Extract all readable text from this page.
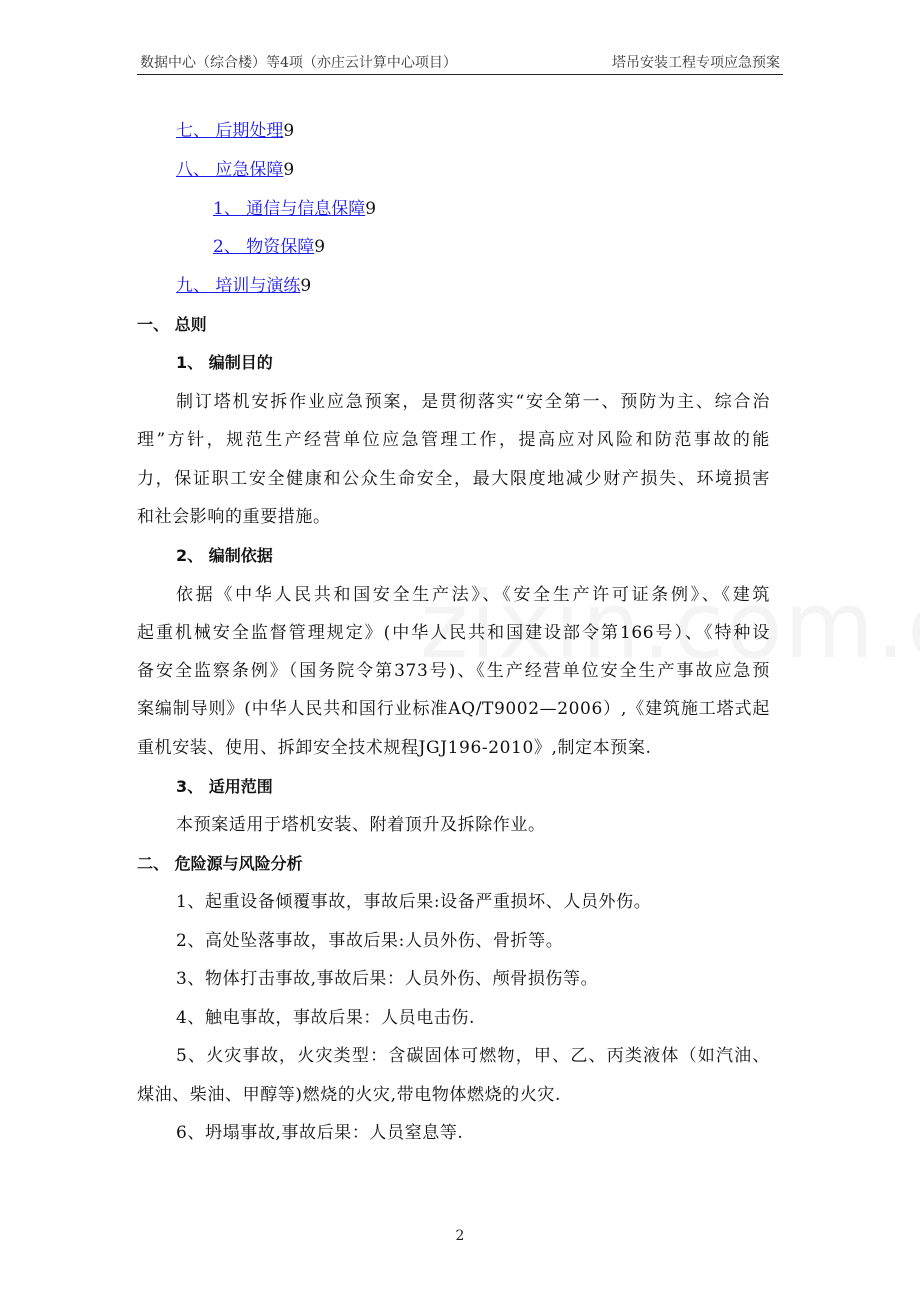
数据中心（综合楼）等4项（亦庄云计算中心项目）	塔吊安装工程专项应急预案
七、 后期处理9
八、 应急保障9
1、 通信与信息保障9
2、 物资保障9
九、 培训与演练9
一、 总则
1、 编制目的
制订塔机安拆作业应急预案，是贯彻落实“安全第一、预防为主、综合治
理”方针，规范生产经营单位应急管理工作，提高应对风险和防范事故的能
力，保证职工安全健康和公众生命安全，最大限度地减少财产损失、环境损害
和社会影响的重要措施。
2、 编制依据
依据《中华人民共和国安全生产法》、《安全生产许可证条例》、《建筑
起重机械安全监督管理规定》(中华人民共和国建设部令第166号）、《特种设
备安全监察条例》（国务院令第373号)、《生产经营单位安全生产事故应急预
案编制导则》(中华人民共和国行业标准AQ/T9002—2006）,《建筑施工塔式起
重机安装、使用、拆卸安全技术规程JGJ196-2010》,制定本预案.
3、 适用范围
本预案适用于塔机安装、附着顶升及拆除作业。
二、 危险源与风险分析
1、起重设备倾覆事故，事故后果:设备严重损坏、人员外伤。
2、高处坠落事故，事故后果:人员外伤、骨折等。
3、物体打击事故,事故后果：人员外伤、颅骨损伤等。
4、触电事故，事故后果：人员电击伤.
5、火灾事故，火灾类型：含碳固体可燃物，甲、乙、丙类液体（如汽油、
煤油、柴油、甲醇等)燃烧的火灾,带电物体燃烧的火灾.
6、坍塌事故,事故后果：人员窒息等.
2
